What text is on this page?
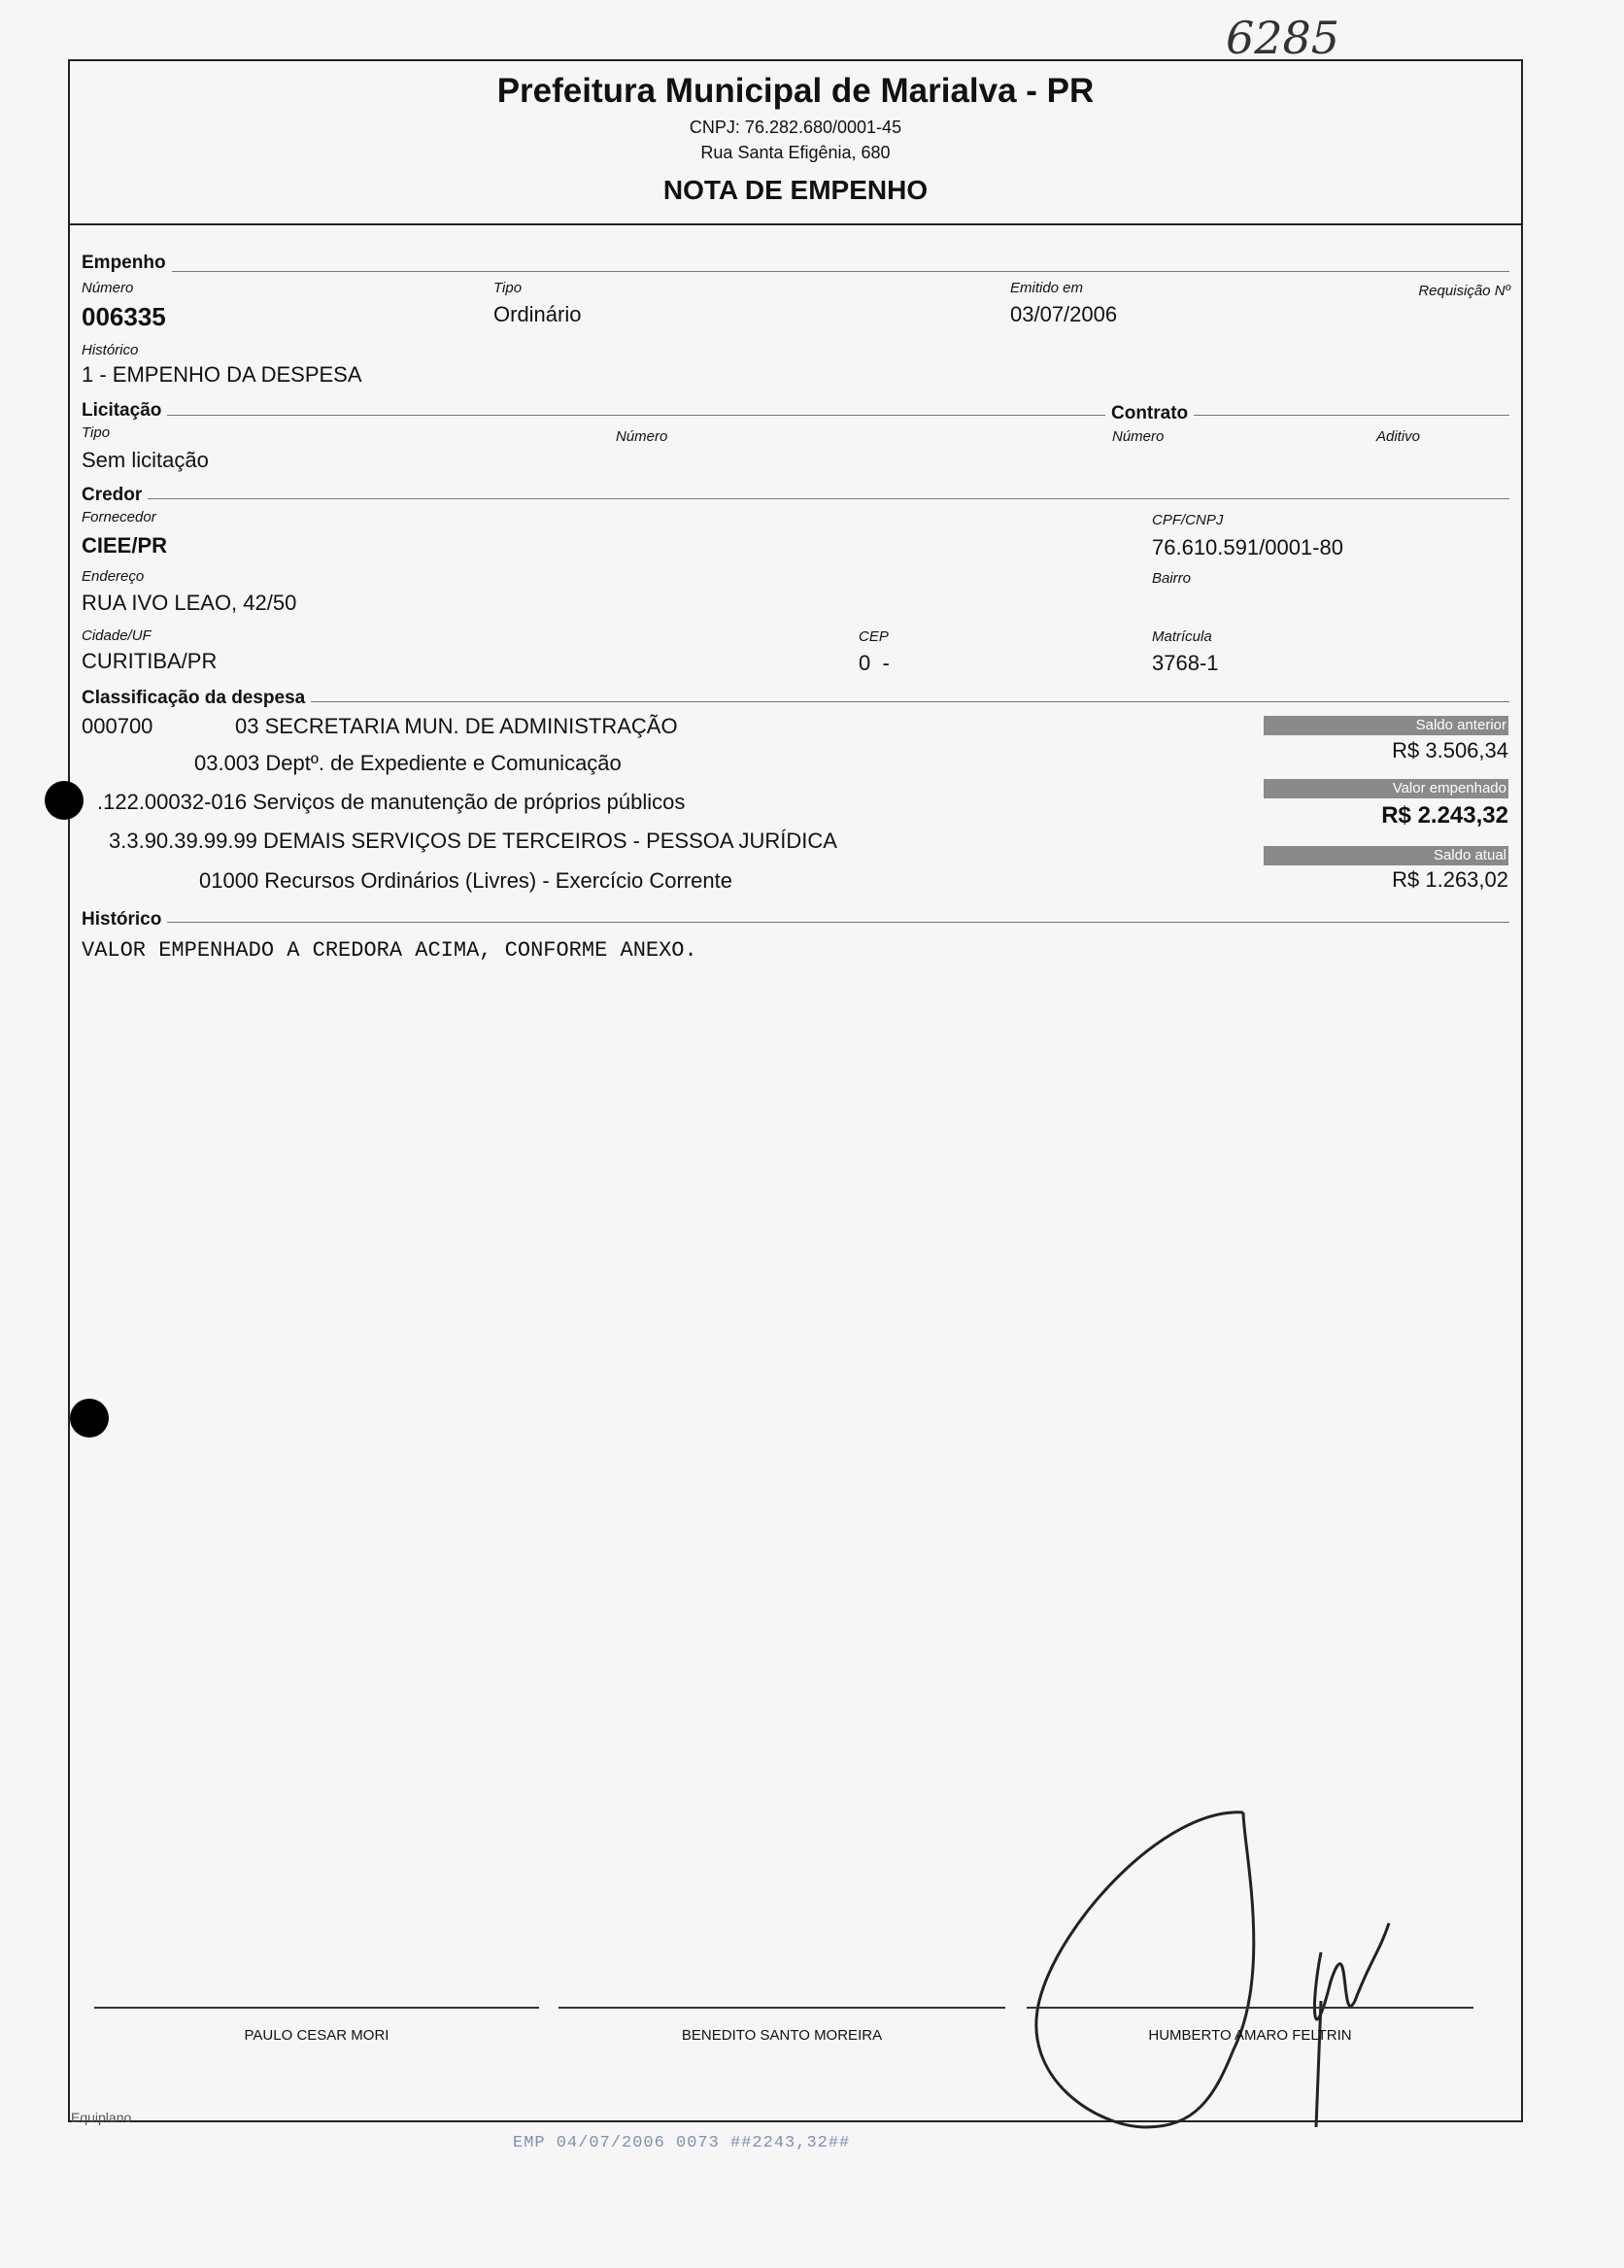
6285
Prefeitura Municipal de Marialva - PR
CNPJ: 76.282.680/0001-45
Rua Santa Efigênia, 680
NOTA DE EMPENHO
Empenho
Número
006335
Tipo
Ordinário
Emitido em
03/07/2006
Requisição Nº
Histórico
1 - EMPENHO DA DESPESA
Licitação	Contrato
Tipo
Sem licitação
Número	Número	Aditivo
Credor
Fornecedor
CIEE/PR
CPF/CNPJ
76.610.591/0001-80
Endereço
RUA IVO LEAO, 42/50
Bairro
Cidade/UF
CURITIBA/PR
CEP
0  -
Matrícula
3768-1
Classificação da despesa
000700	03 SECRETARIA MUN. DE ADMINISTRAÇÃO
03.003 Deptº. de Expediente e Comunicação
.122.00032-016 Serviços de manutenção de próprios públicos
3.3.90.39.99.99 DEMAIS SERVIÇOS DE TERCEIROS - PESSOA JURÍDICA
01000 Recursos Ordinários (Livres) - Exercício Corrente
Saldo anterior
R$ 3.506,34
Valor empenhado
R$ 2.243,32
Saldo atual
R$ 1.263,02
Histórico
VALOR EMPENHADO A CREDORA ACIMA, CONFORME ANEXO.
PAULO CESAR MORI	BENEDITO SANTO MOREIRA	HUMBERTO AMARO FELTRIN
Equiplano
EMP 04/07/2006 0073 ##2243,32##
